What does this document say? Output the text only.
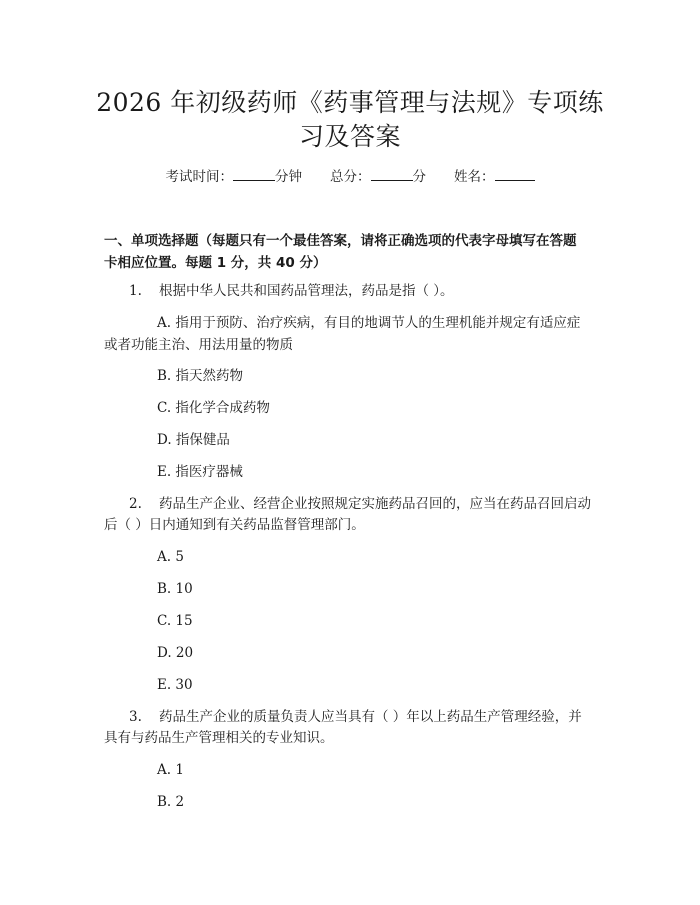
2026 年初级药师《药事管理与法规》专项练
习及答案
考试时间：	分钟 总分：	分 姓名：
一、单项选择题（每题只有一个最佳答案，请将正确选项的代表字母填写在答题
卡相应位置。每题 1 分，共 40 分）
1. 根据中华人民共和国药品管理法，药品是指（ ）。
A. 指用于预防、治疗疾病，有目的地调节人的生理机能并规定有适应症
或者功能主治、用法用量的物质
B. 指天然药物
C. 指化学合成药物
D. 指保健品
E. 指医疗器械
2. 药品生产企业、经营企业按照规定实施药品召回的，应当在药品召回启动
后（ ）日内通知到有关药品监督管理部门。
A. 5
B. 10
C. 15
D. 20
E. 30
3. 药品生产企业的质量负责人应当具有（ ）年以上药品生产管理经验，并
具有与药品生产管理相关的专业知识。
A. 1
B. 2
